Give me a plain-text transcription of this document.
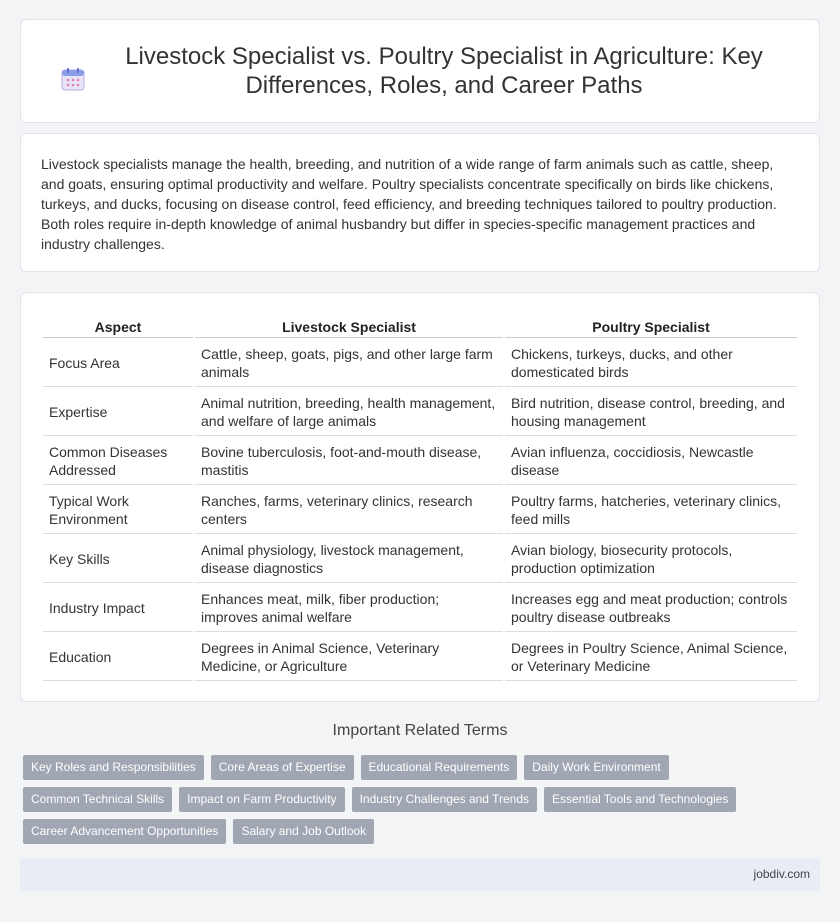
Livestock Specialist vs. Poultry Specialist in Agriculture: Key Differences, Roles, and Career Paths

Livestock specialists manage the health, breeding, and nutrition of a wide range of farm animals such as cattle, sheep, and goats, ensuring optimal productivity and welfare. Poultry specialists concentrate specifically on birds like chickens, turkeys, and ducks, focusing on disease control, feed efficiency, and breeding techniques tailored to poultry production. Both roles require in-depth knowledge of animal husbandry but differ in species-specific management practices and industry challenges.

Aspect	Livestock Specialist	Poultry Specialist
Focus Area	Cattle, sheep, goats, pigs, and other large farm animals	Chickens, turkeys, ducks, and other domesticated birds
Expertise	Animal nutrition, breeding, health management, and welfare of large animals	Bird nutrition, disease control, breeding, and housing management
Common Diseases Addressed	Bovine tuberculosis, foot-and-mouth disease, mastitis	Avian influenza, coccidiosis, Newcastle disease
Typical Work Environment	Ranches, farms, veterinary clinics, research centers	Poultry farms, hatcheries, veterinary clinics, feed mills
Key Skills	Animal physiology, livestock management, disease diagnostics	Avian biology, biosecurity protocols, production optimization
Industry Impact	Enhances meat, milk, fiber production; improves animal welfare	Increases egg and meat production; controls poultry disease outbreaks
Education	Degrees in Animal Science, Veterinary Medicine, or Agriculture	Degrees in Poultry Science, Animal Science, or Veterinary Medicine
Important Related Terms
Key Roles and Responsibilities	Core Areas of Expertise	Educational Requirements	Daily Work Environment
Common Technical Skills	Impact on Farm Productivity	Industry Challenges and Trends	Essential Tools and Technologies
Career Advancement Opportunities	Salary and Job Outlook
jobdiv.com
